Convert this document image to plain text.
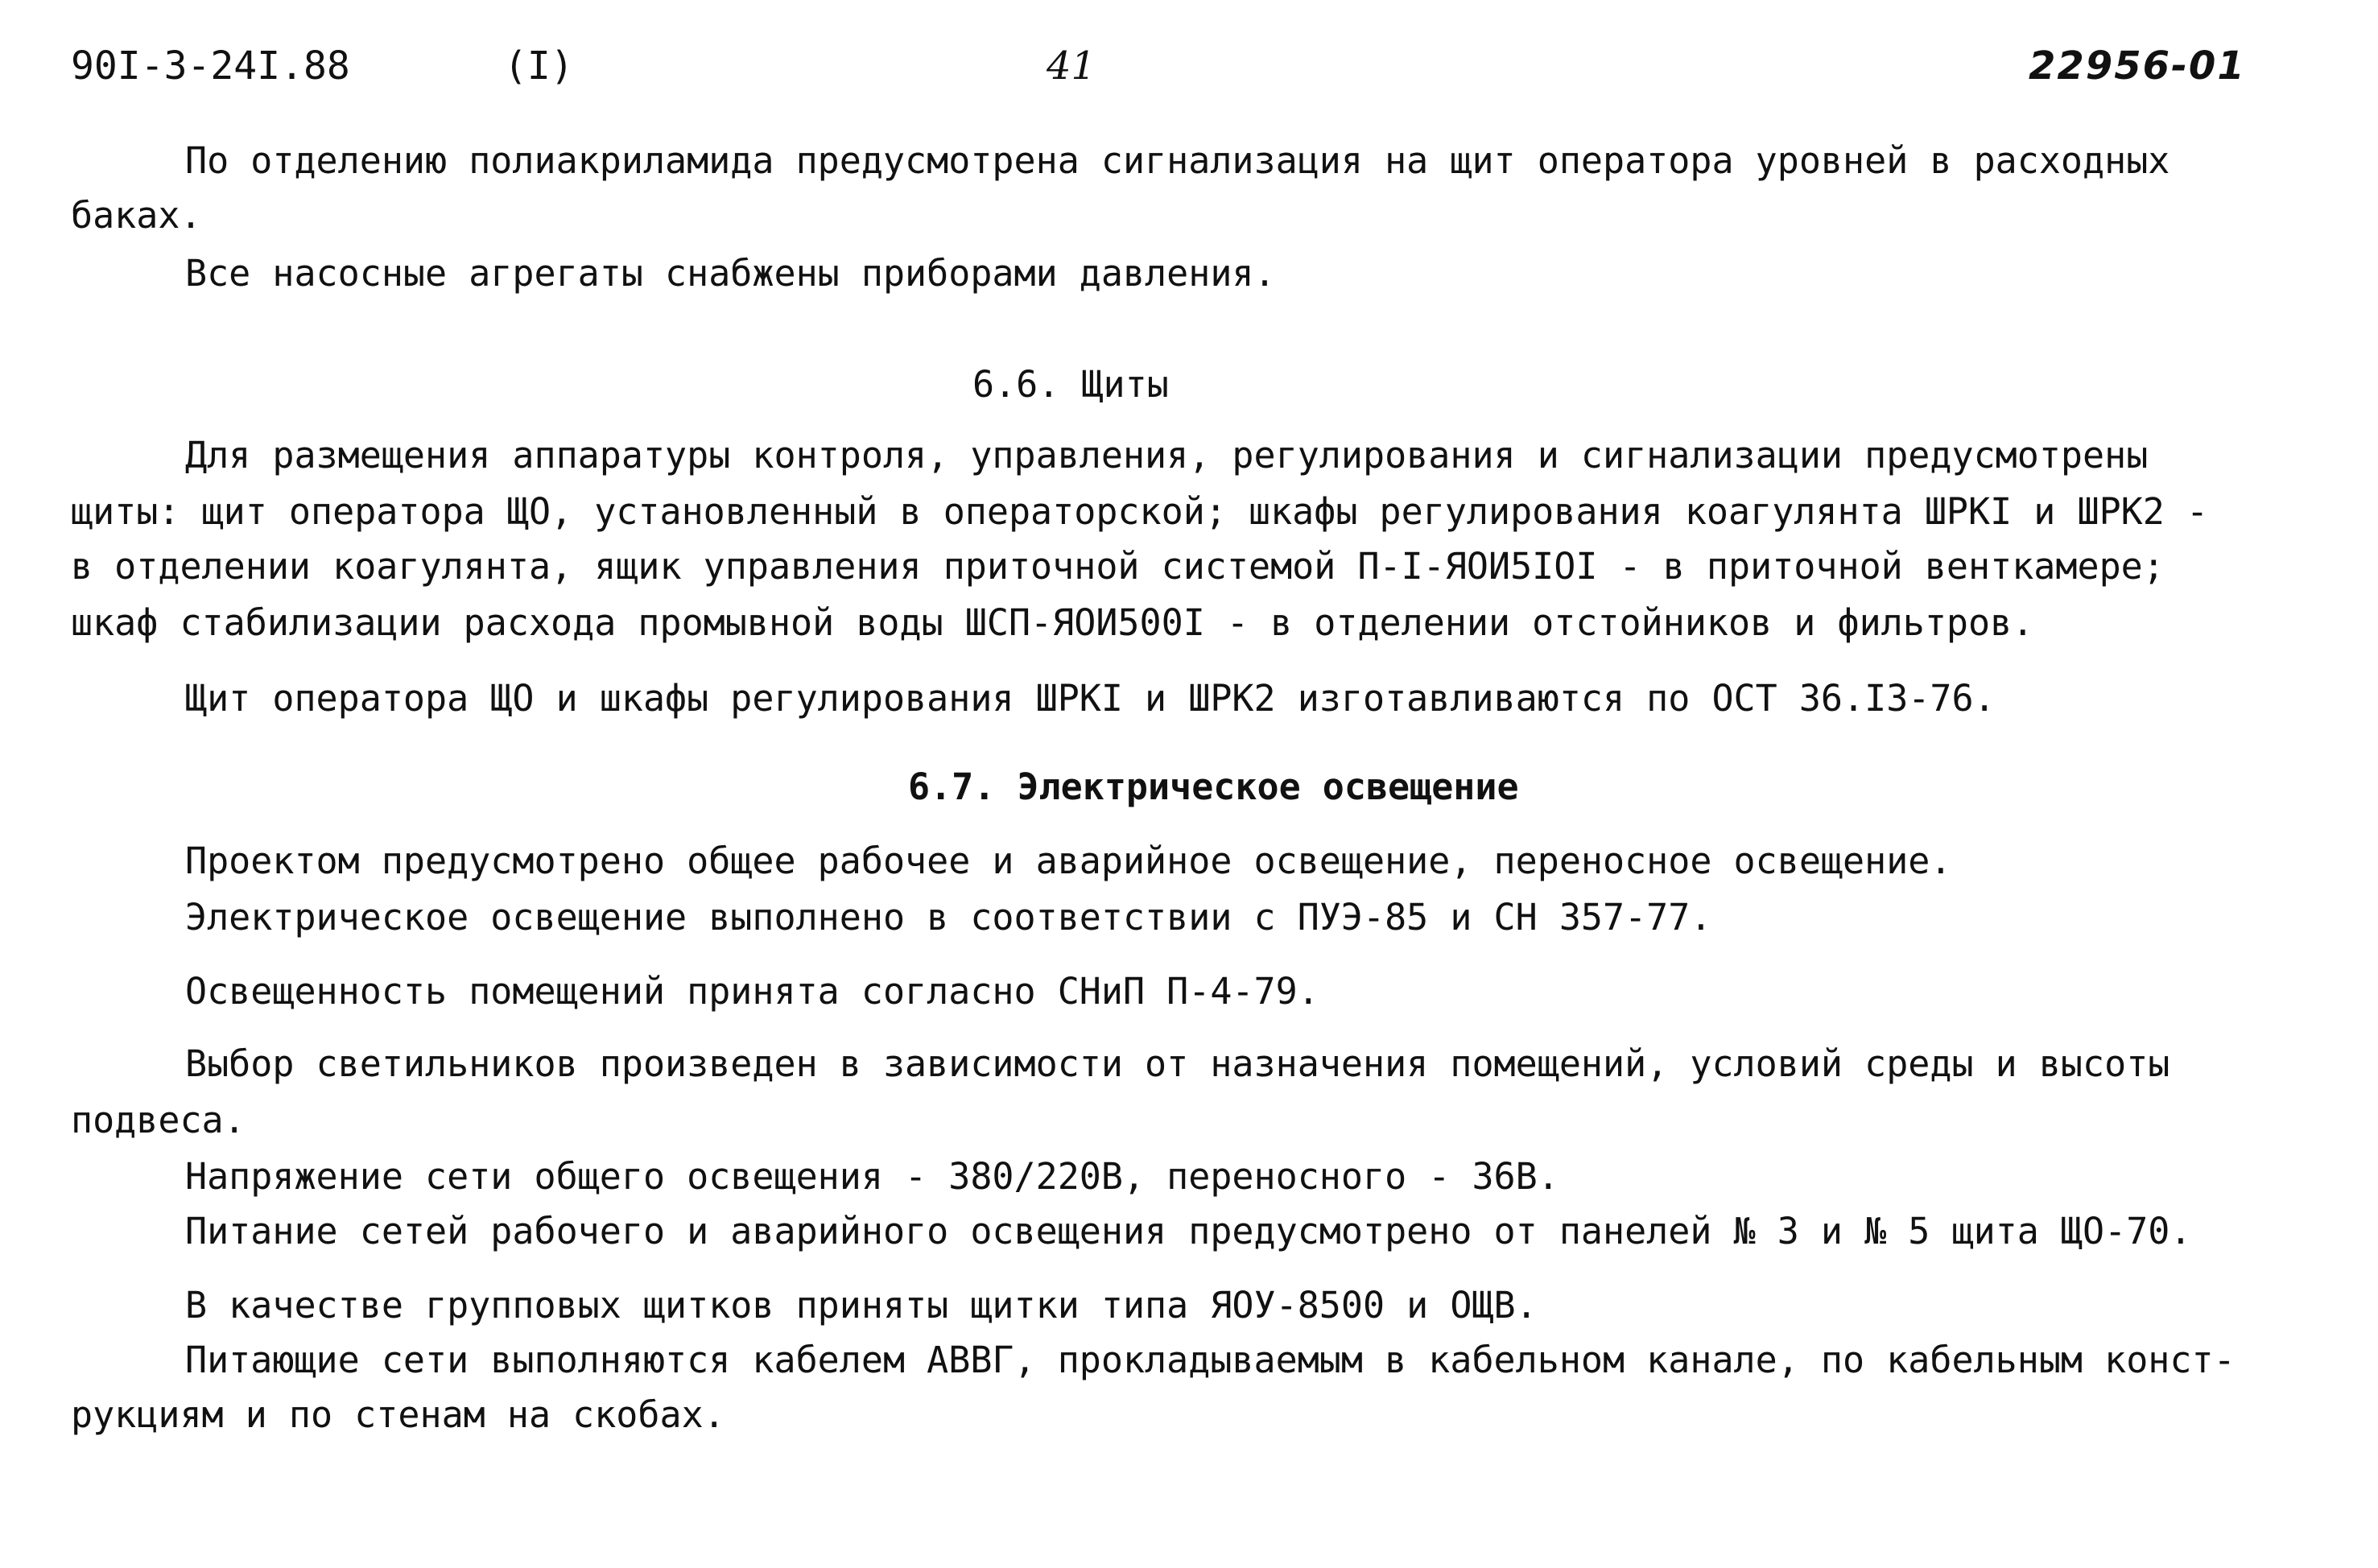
90I-3-24I.88	(I)	41	22956-01

По отделению полиакриламида предусмотрена сигнализация на щит оператора уровней в расходных

баках.

Все насосные агрегаты снабжены приборами давления.

6.6. Щиты

Для размещения аппаратуры контроля, управления, регулирования и сигнализации предусмотрены

щиты: щит оператора ЩО, установленный в операторской; шкафы регулирования коагулянта ШРКI и ШРК2 -

в отделении коагулянта, ящик управления приточной системой П-I-ЯОИ5IОI - в приточной венткамере;

шкаф стабилизации расхода промывной воды ШСП-ЯОИ500I - в отделении отстойников и фильтров.

Щит оператора ЩО и шкафы регулирования ШРКI и ШРК2 изготавливаются по ОСТ 36.I3-76.

6.7. Электрическое освещение

Проектом предусмотрено общее рабочее и аварийное освещение, переносное освещение.

Электрическое освещение выполнено в соответствии с ПУЭ-85 и СН 357-77.

Освещенность помещений принята согласно СНиП П-4-79.

Выбор светильников произведен в зависимости от назначения помещений, условий среды и высоты

подвеса.

Напряжение сети общего освещения - 380/220В, переносного - 36В.

Питание сетей рабочего и аварийного освещения предусмотрено от панелей № 3 и № 5 щита ЩО-70.

В качестве групповых щитков приняты щитки типа ЯОУ-8500 и ОЩВ.

Питающие сети выполняются кабелем АВВГ, прокладываемым в кабельном канале, по кабельным конст-

рукциям и по стенам на скобах.
